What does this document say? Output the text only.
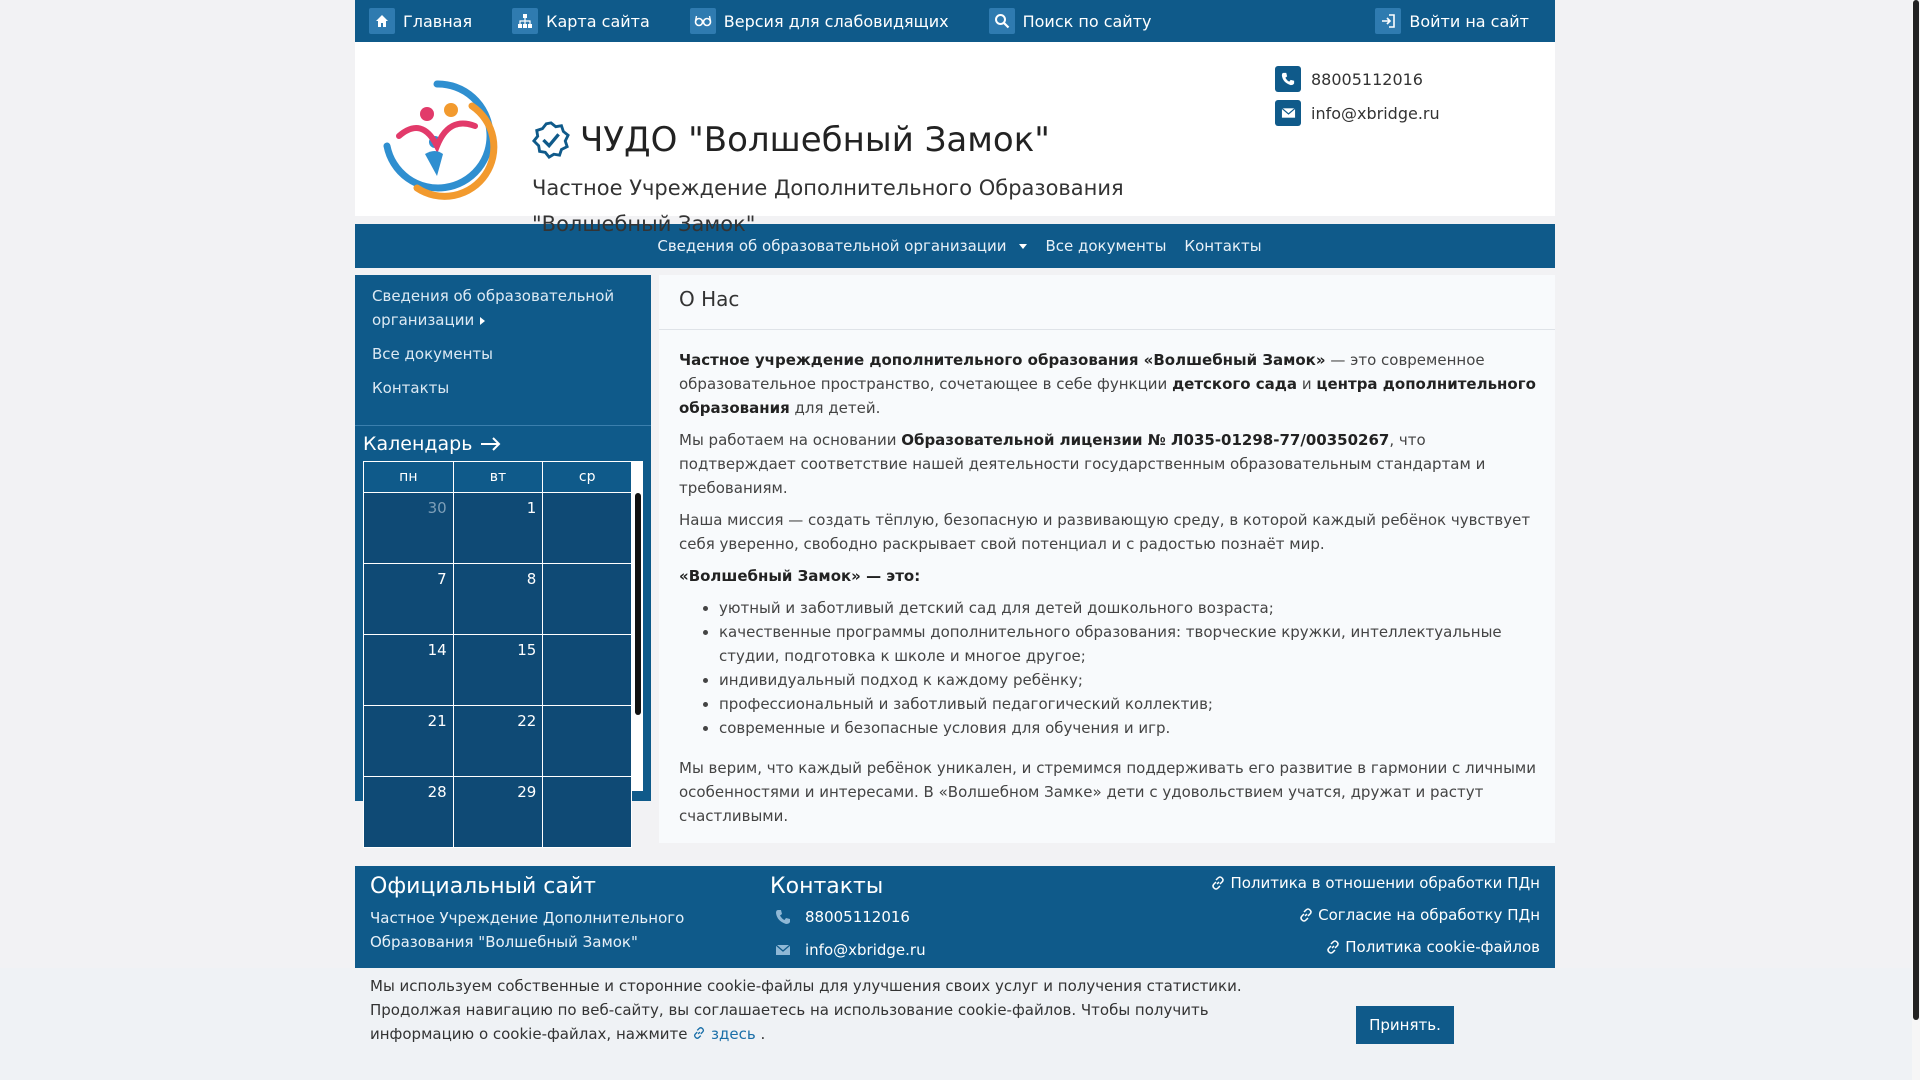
Главная	Карта сайта	Версия для слабовидящих	Поиск по сайту	Войти на сайт
ЧУДО "Волшебный Замок"
Частное Учреждение Дополнительного Образования "Волшебный Замок"
88005112016
info@xbridge.ru
Сведения об образовательной организации	Все документы Контакты
Сведения об образовательной организации
Все документы
Контакты
Календарь
пн	вт	ср
30	1	
7	8	
14	15	
21	22	
28	29	
О Нас

Частное учреждение дополнительного образования «Волшебный Замок» — это современное образовательное пространство, сочетающее в себе функции детского сада и центра дополнительного образования для детей.

Мы работаем на основании Образовательной лицензии № Л035-01298-77/00350267, что подтверждает соответствие нашей деятельности государственным образовательным стандартам и требованиям.

Наша миссия — создать тёплую, безопасную и развивающую среду, в которой каждый ребёнок чувствует себя уверенно, свободно раскрывает свой потенциал и с радостью познаёт мир.

«Волшебный Замок» — это:

• уютный и заботливый детский сад для детей дошкольного возраста;
• качественные программы дополнительного образования: творческие кружки, интеллектуальные студии, подготовка к школе и многое другое;
• индивидуальный подход к каждому ребёнку;
• профессиональный и заботливый педагогический коллектив;
• современные и безопасные условия для обучения и игр.

Мы верим, что каждый ребёнок уникален, и стремимся поддерживать его развитие в гармонии с личными особенностями и интересами. В «Волшебном Замке» дети с удовольствием учатся, дружат и растут счастливыми.

Официальный сайт
Частное Учреждение Дополнительного Образования "Волшебный Замок"
Контакты
88005112016
info@xbridge.ru
Политика в отношении обработки ПДн
Согласие на обработку ПДн
Политика cookie-файлов
Мы используем собственные и сторонние cookie-файлы для улучшения своих услуг и получения статистики.
Продолжая навигацию по веб-сайту, вы соглашаетесь на использование cookie-файлов. Чтобы получить информацию о cookie-файлах, нажмите здесь .	Принять.
